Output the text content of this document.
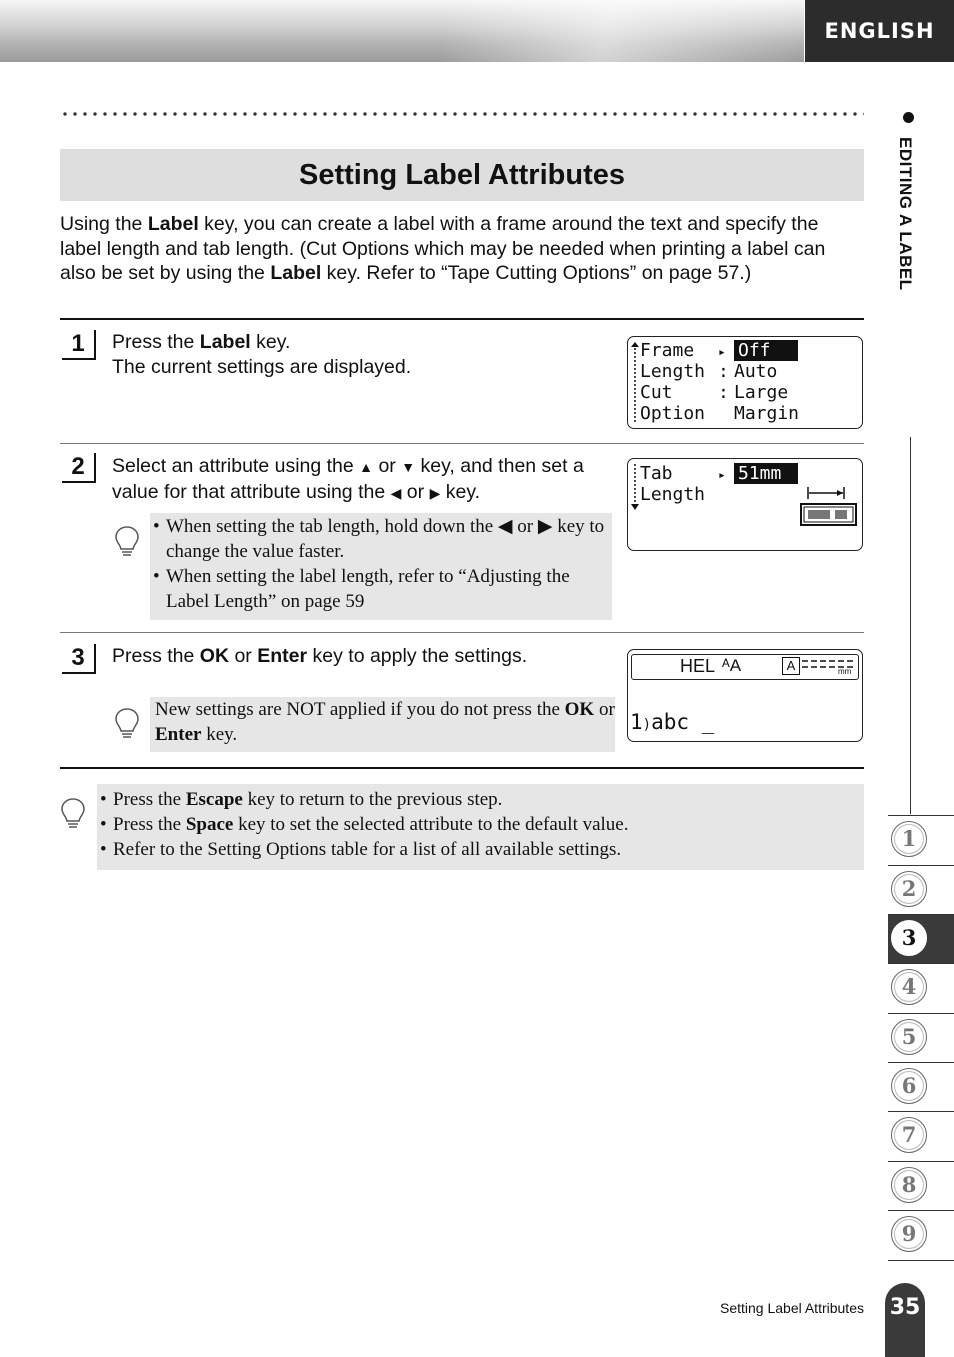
ENGLISH
Setting Label Attributes
Using the Label key, you can create a label with a frame around the text and specify the label length and tab length. (Cut Options which may be needed when printing a label can also be set by using the Label key. Refer to “Tape Cutting Options” on page 57.)
1	Press the Label key.
The current settings are displayed.
Frame ▸ Off
Length : Auto
Cut	: Large
Option Margin
2	Select an attribute using the ▲ or ▼ key, and then set a value for that attribute using the ◀ or ▶ key.
Tab	▸ 51mm
Length
• When setting the tab length, hold down the ◀ or ▶ key to change the value faster.
• When setting the label length, refer to “Adjusting the Label Length” on page 59
3	Press the OK or Enter key to apply the settings.	HEL ᴬA	A	mm
1)abc _
New settings are NOT applied if you do not press the OK or Enter key.
• Press the Escape key to return to the previous step.
• Press the Space key to set the selected attribute to the default value.
• Refer to the Setting Options table for a list of all available settings.
EDITING A LABEL
1
2
3
4
5
6
7
8
9
Setting Label Attributes 35
